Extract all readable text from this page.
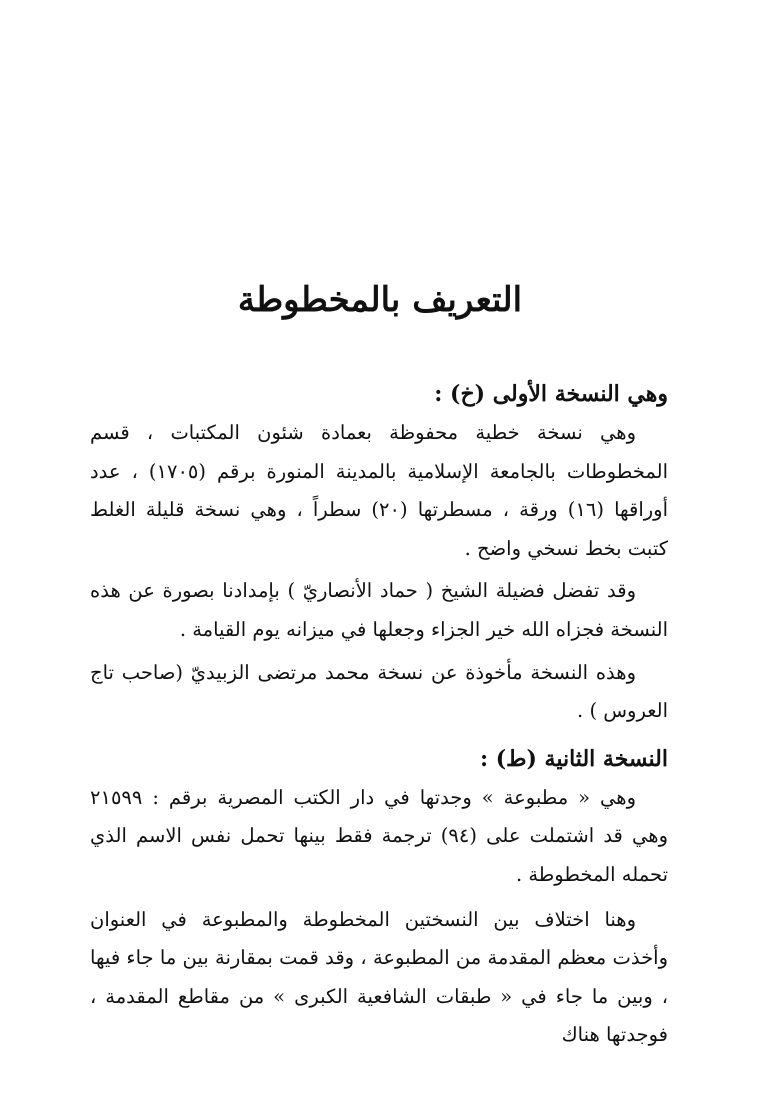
التعريف بالمخطوطة
وهي النسخة الأولى (خ) :

وهي نسخة خطية محفوظة بعمادة شئون المكتبات ، قسم المخطوطات بالجامعة الإسلامية بالمدينة المنورة برقم (١٧٠٥) ، عدد أوراقها (١٦) ورقة ، مسطرتها (٢٠) سطراً ، وهي نسخة قليلة الغلط كتبت بخط نسخي واضح .

وقد تفضل فضيلة الشيخ ( حماد الأنصاريّ ) بإمدادنا بصورة عن هذه النسخة فجزاه الله خير الجزاء وجعلها في ميزانه يوم القيامة .

وهذه النسخة مأخوذة عن نسخة محمد مرتضى الزبيديّ (صاحب تاج العروس ) .

النسخة الثانية (ط) :

وهي « مطبوعة » وجدتها في دار الكتب المصرية برقم : ٢١٥٩٩ وهي قد اشتملت على (٩٤) ترجمة فقط بينها تحمل نفس الاسم الذي تحمله المخطوطة .

وهنا اختلاف بين النسختين المخطوطة والمطبوعة في العنوان وأخذت معظم المقدمة من المطبوعة ، وقد قمت بمقارنة بين ما جاء فيها ، وبين ما جاء في « طبقات الشافعية الكبرى » من مقاطع المقدمة ، فوجدتها هناك
